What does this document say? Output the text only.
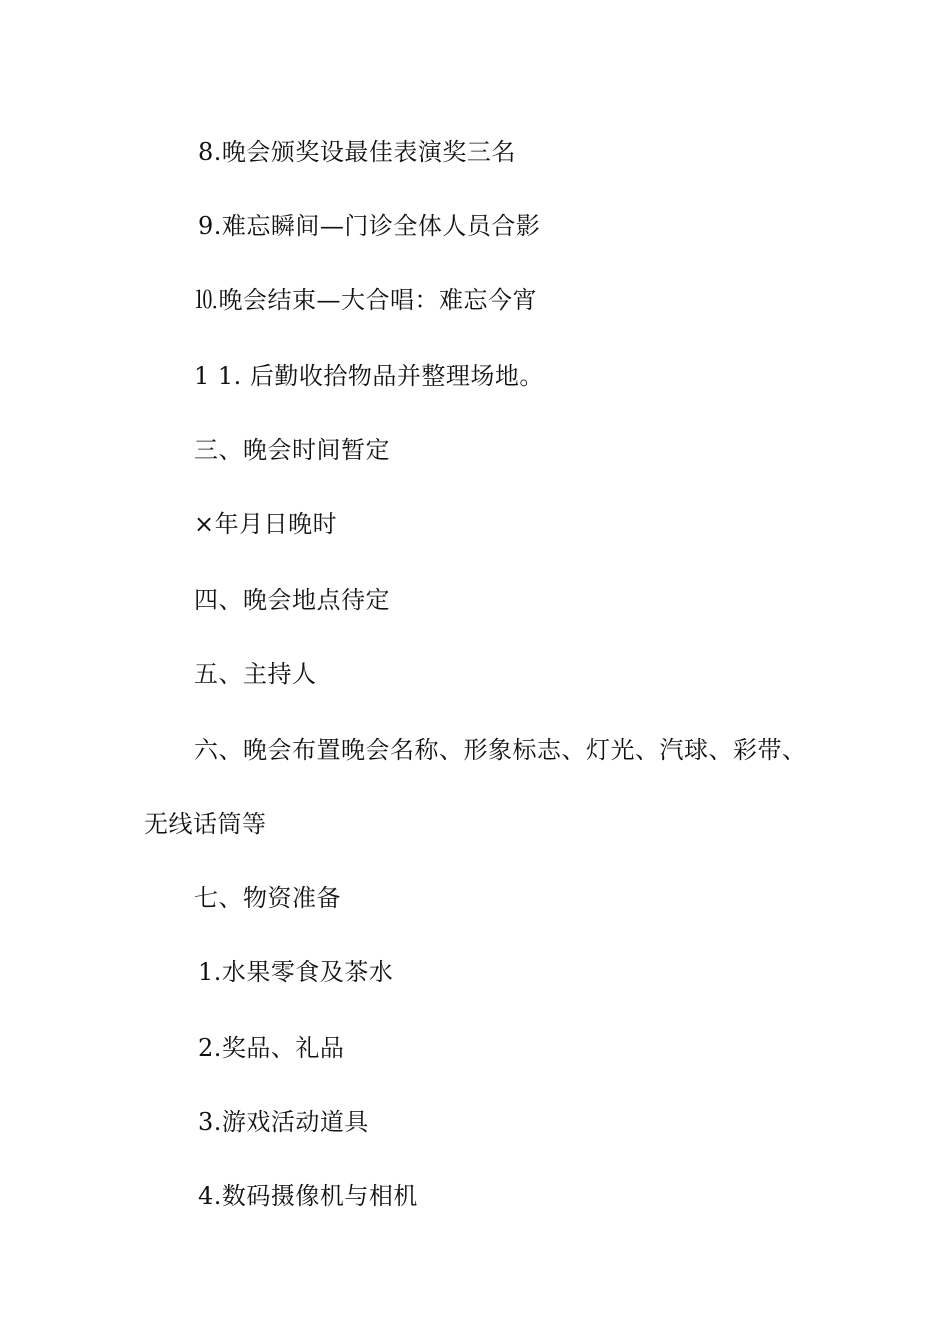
8.晚会颁奖设最佳表演奖三名
9.难忘瞬间—门诊全体人员合影
⒑晚会结束—大合唱：难忘今宵
1 1. 后勤收拾物品并整理场地。
三、晚会时间暂定
×年月日晚时
四、晚会地点待定
五、主持人
六、晚会布置晚会名称、形象标志、灯光、汽球、彩带、
无线话筒等
七、物资准备
1.水果零食及茶水
2.奖品、礼品
3.游戏活动道具
4.数码摄像机与相机
